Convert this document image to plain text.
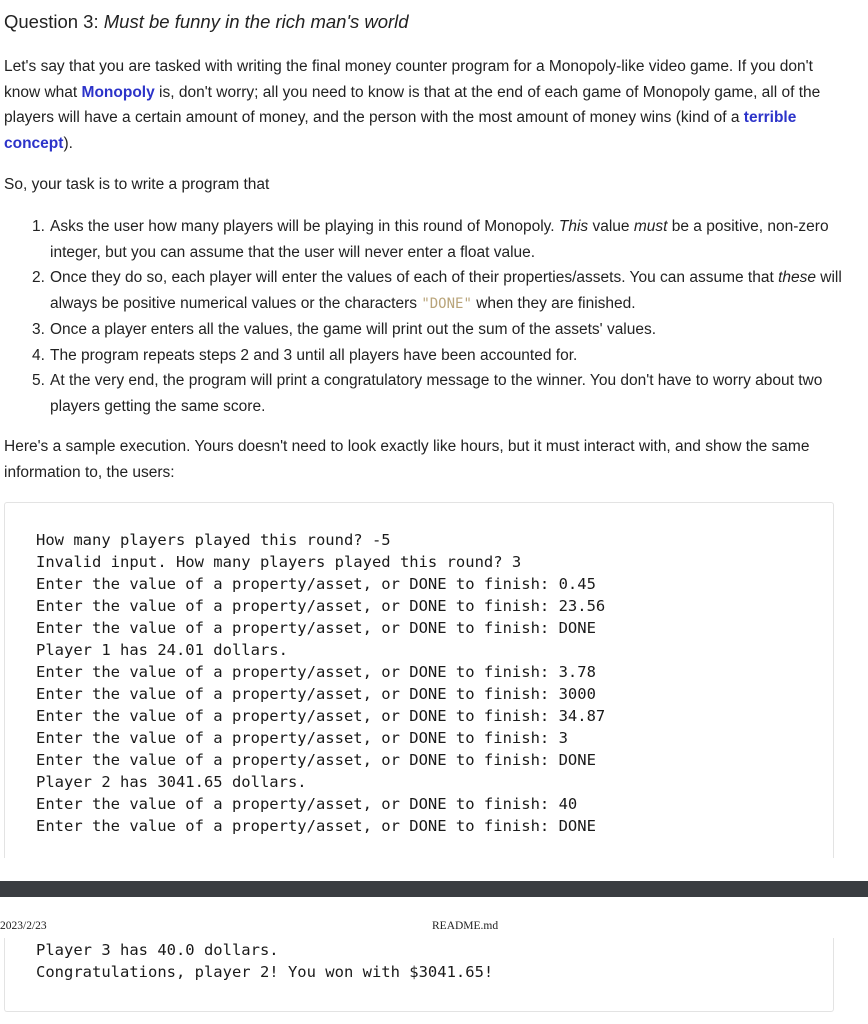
Question 3: Must be funny in the rich man's world
Let's say that you are tasked with writing the final money counter program for a Monopoly-like video game. If you don't know what Monopoly is, don't worry; all you need to know is that at the end of each game of Monopoly game, all of the players will have a certain amount of money, and the person with the most amount of money wins (kind of a terrible concept).
So, your task is to write a program that
1. Asks the user how many players will be playing in this round of Monopoly. This value must be a positive, non-zero integer, but you can assume that the user will never enter a float value.
2. Once they do so, each player will enter the values of each of their properties/assets. You can assume that these will always be positive numerical values or the characters "DONE" when they are finished.
3. Once a player enters all the values, the game will print out the sum of the assets' values.
4. The program repeats steps 2 and 3 until all players have been accounted for.
5. At the very end, the program will print a congratulatory message to the winner. You don't have to worry about two players getting the same score.
Here's a sample execution. Yours doesn't need to look exactly like hours, but it must interact with, and show the same information to, the users:
How many players played this round? -5
Invalid input. How many players played this round? 3
Enter the value of a property/asset, or DONE to finish: 0.45
Enter the value of a property/asset, or DONE to finish: 23.56
Enter the value of a property/asset, or DONE to finish: DONE
Player 1 has 24.01 dollars.
Enter the value of a property/asset, or DONE to finish: 3.78
Enter the value of a property/asset, or DONE to finish: 3000
Enter the value of a property/asset, or DONE to finish: 34.87
Enter the value of a property/asset, or DONE to finish: 3
Enter the value of a property/asset, or DONE to finish: DONE
Player 2 has 3041.65 dollars.
Enter the value of a property/asset, or DONE to finish: 40
Enter the value of a property/asset, or DONE to finish: DONE
2023/2/23	README.md
Player 3 has 40.0 dollars.
Congratulations, player 2! You won with $3041.65!
